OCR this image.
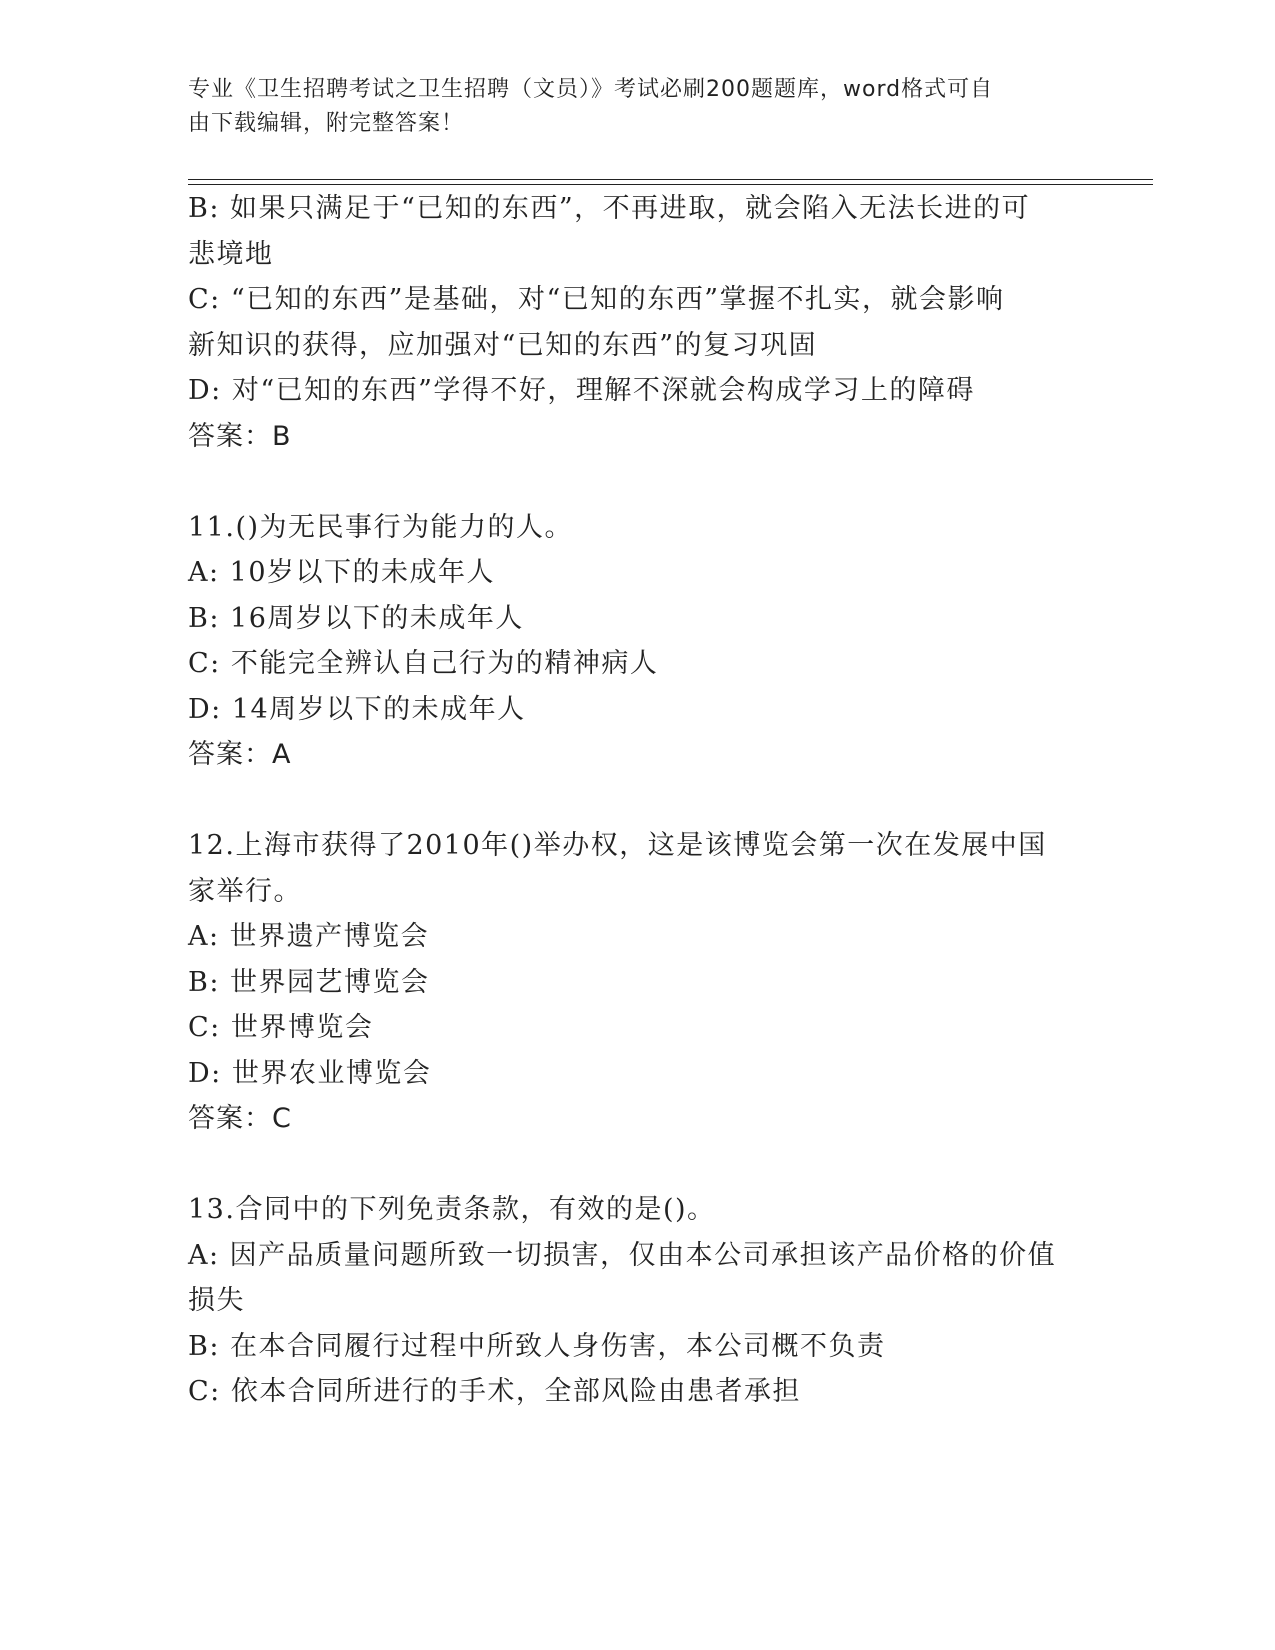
专业《卫生招聘考试之卫生招聘（文员）》考试必刷200题题库，word格式可自
由下载编辑，附完整答案！
B: 如果只满足于“已知的东西”，不再进取，就会陷入无法长进的可
悲境地
C: “已知的东西”是基础，对“已知的东西”掌握不扎实，就会影响
新知识的获得，应加强对“已知的东西”的复习巩固
D: 对“已知的东西”学得不好，理解不深就会构成学习上的障碍
答案：B
11.()为无民事行为能力的人。
A: 10岁以下的未成年人
B: 16周岁以下的未成年人
C: 不能完全辨认自己行为的精神病人
D: 14周岁以下的未成年人
答案：A
12.上海市获得了2010年()举办权，这是该博览会第一次在发展中国
家举行。
A: 世界遗产博览会
B: 世界园艺博览会
C: 世界博览会
D: 世界农业博览会
答案：C
13.合同中的下列免责条款，有效的是()。
A: 因产品质量问题所致一切损害，仅由本公司承担该产品价格的价值
损失
B: 在本合同履行过程中所致人身伤害，本公司概不负责
C: 依本合同所进行的手术，全部风险由患者承担
